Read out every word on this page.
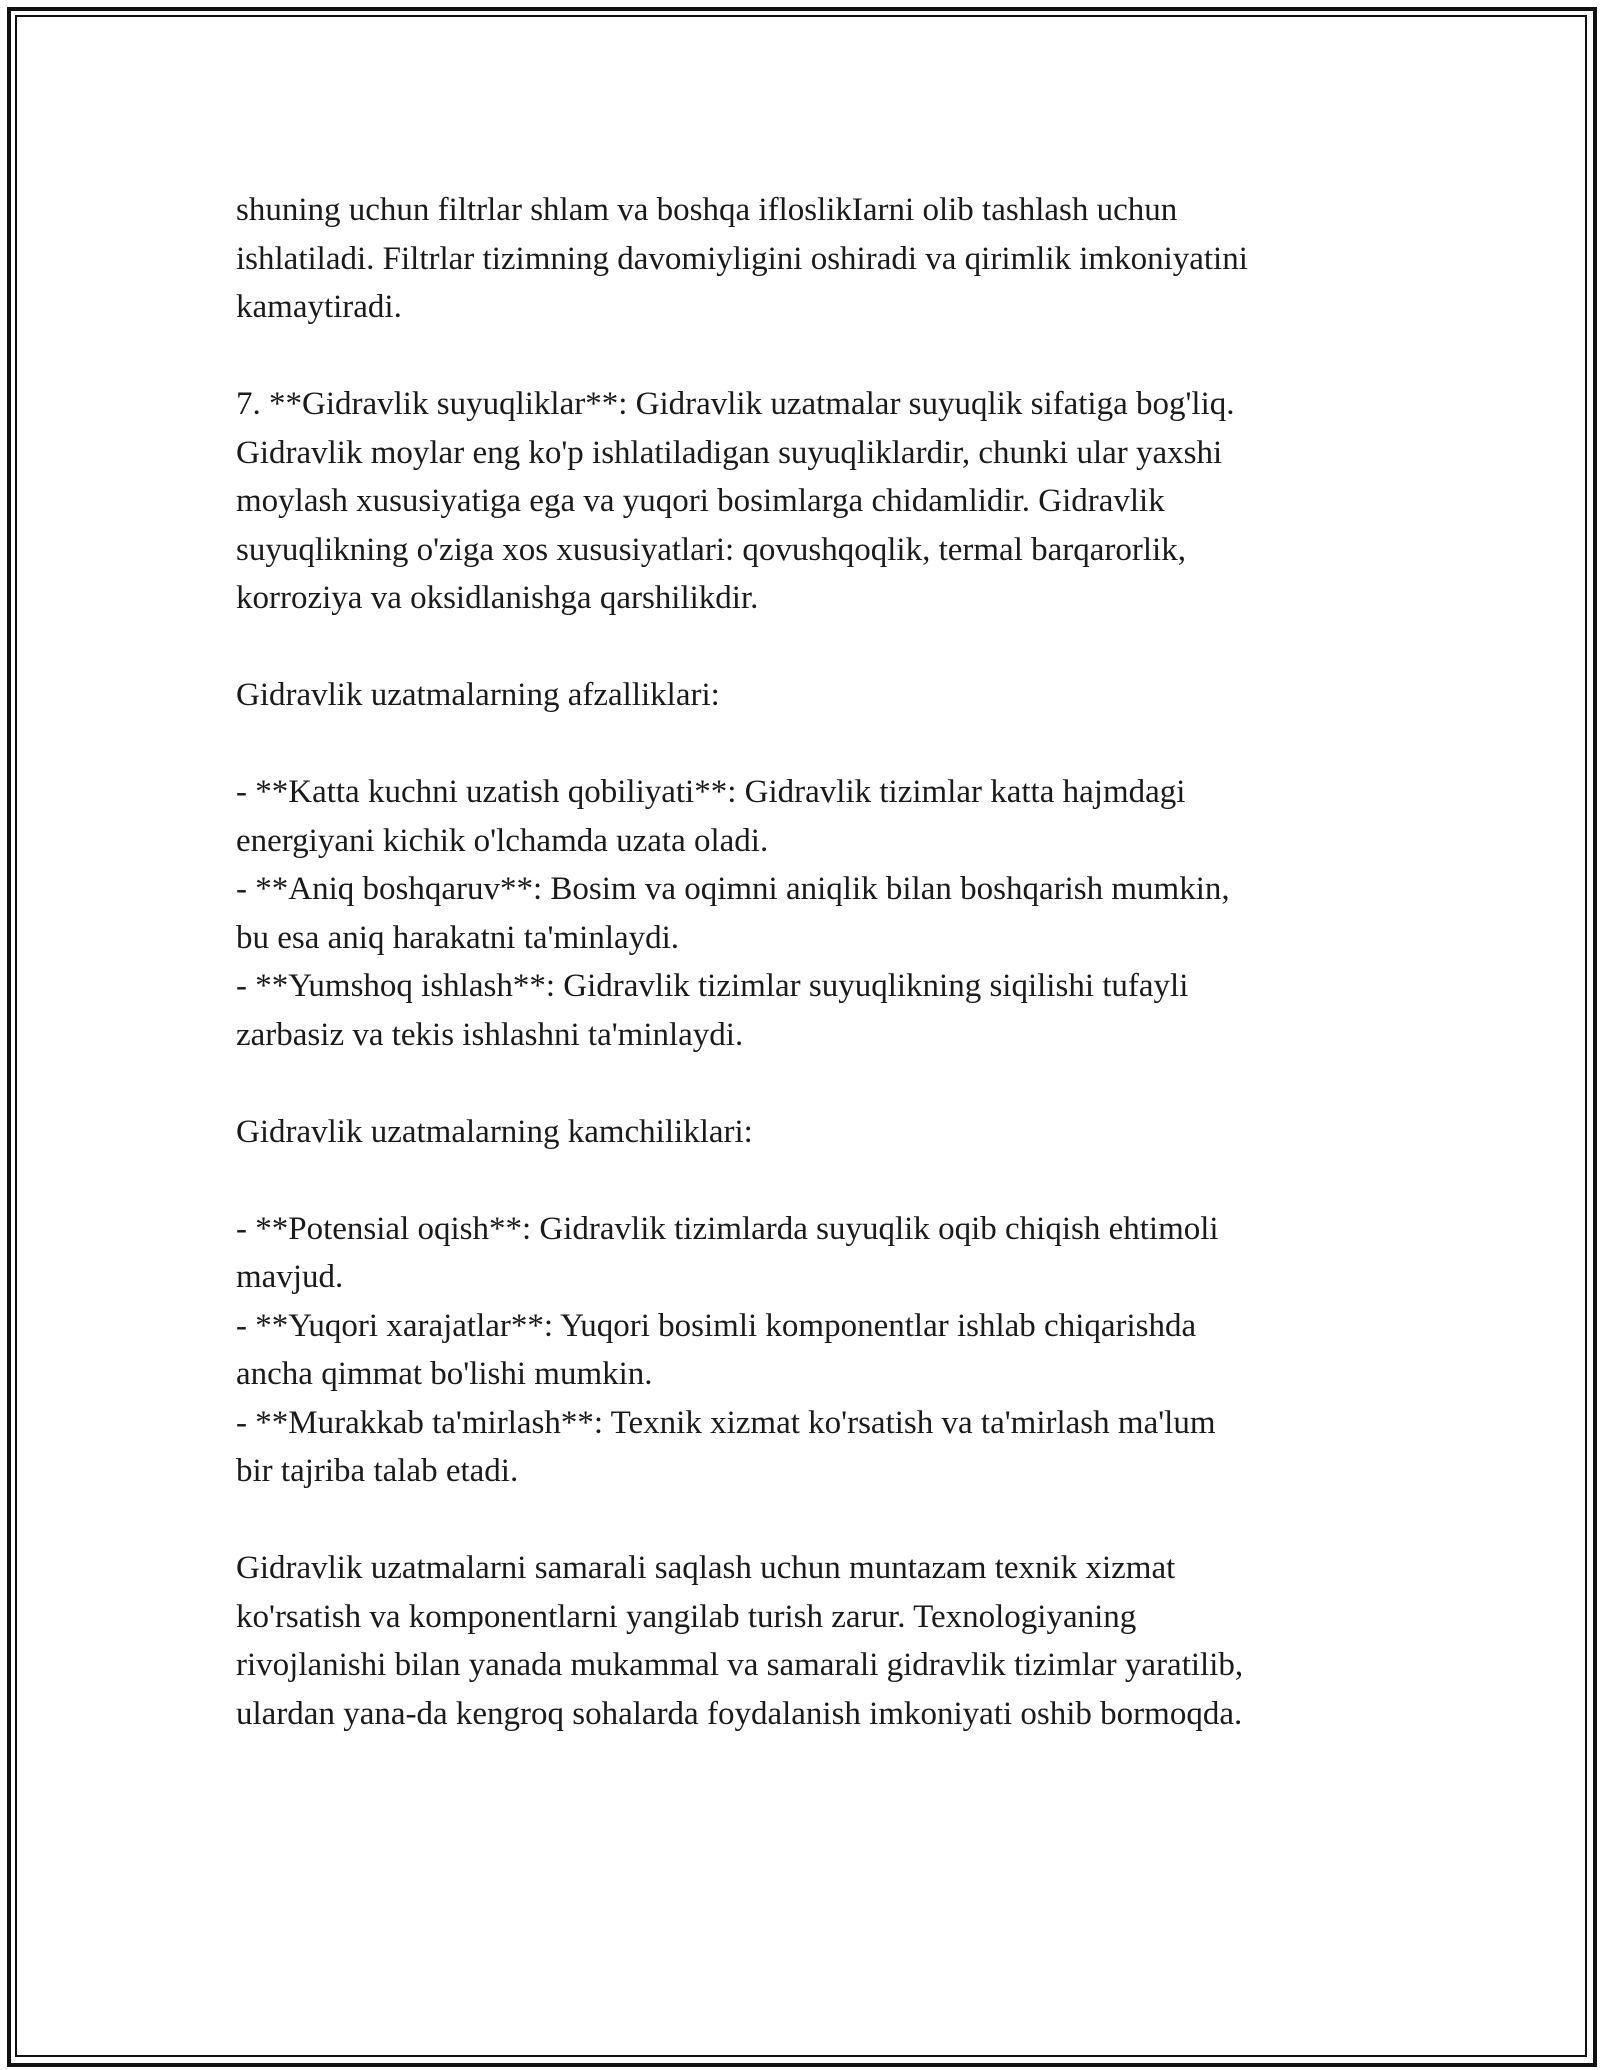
shuning uchun filtrlar shlam va boshqa ifloslikIarni olib tashlash uchun
ishlatiladi. Filtrlar tizimning davomiyligini oshiradi va qirimlik imkoniyatini
kamaytiradi.

7. **Gidravlik suyuqliklar**: Gidravlik uzatmalar suyuqlik sifatiga bog'liq.
Gidravlik moylar eng ko'p ishlatiladigan suyuqliklardir, chunki ular yaxshi
moylash xususiyatiga ega va yuqori bosimlarga chidamlidir. Gidravlik
suyuqlikning o'ziga xos xususiyatlari: qovushqoqlik, termal barqarorlik,
korroziya va oksidlanishga qarshilikdir.

Gidravlik uzatmalarning afzalliklari:

- **Katta kuchni uzatish qobiliyati**: Gidravlik tizimlar katta hajmdagi
energiyani kichik o'lchamda uzata oladi.
- **Aniq boshqaruv**: Bosim va oqimni aniqlik bilan boshqarish mumkin,
bu esa aniq harakatni ta'minlaydi.
- **Yumshoq ishlash**: Gidravlik tizimlar suyuqlikning siqilishi tufayli
zarbasiz va tekis ishlashni ta'minlaydi.

Gidravlik uzatmalarning kamchiliklari:

- **Potensial oqish**: Gidravlik tizimlarda suyuqlik oqib chiqish ehtimoli
mavjud.
- **Yuqori xarajatlar**: Yuqori bosimli komponentlar ishlab chiqarishda
ancha qimmat bo'lishi mumkin.
- **Murakkab ta'mirlash**: Texnik xizmat ko'rsatish va ta'mirlash ma'lum
bir tajriba talab etadi.

Gidravlik uzatmalarni samarali saqlash uchun muntazam texnik xizmat
ko'rsatish va komponentlarni yangilab turish zarur. Texnologiyaning
rivojlanishi bilan yanada mukammal va samarali gidravlik tizimlar yaratilib,
ulardan yana-da kengroq sohalarda foydalanish imkoniyati oshib bormoqda.
